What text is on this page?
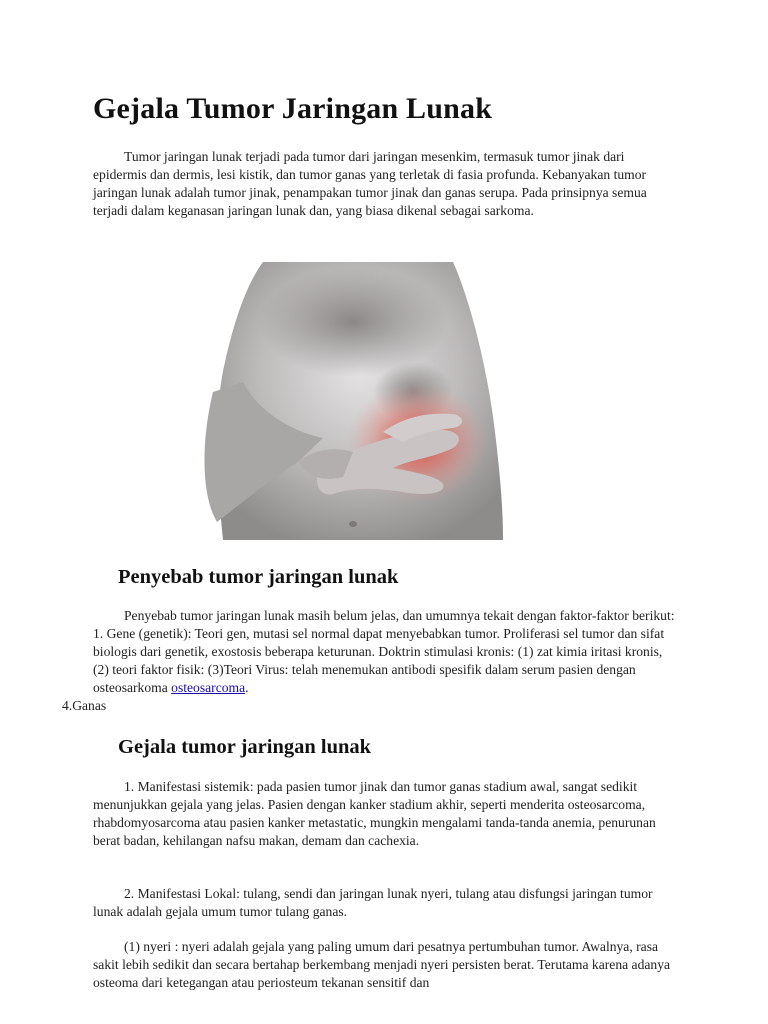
Gejala Tumor Jaringan Lunak

Tumor jaringan lunak terjadi pada tumor dari jaringan mesenkim, termasuk tumor jinak dari epidermis dan dermis, lesi kistik, dan tumor ganas yang terletak di fasia profunda. Kebanyakan tumor jaringan lunak adalah tumor jinak, penampakan tumor jinak dan ganas serupa. Pada prinsipnya semua terjadi dalam keganasan jaringan lunak dan, yang biasa dikenal sebagai sarkoma.

Penyebab tumor jaringan lunak

Penyebab tumor jaringan lunak masih belum jelas, dan umumnya tekait dengan faktor-faktor berikut: 1. Gene (genetik): Teori gen, mutasi sel normal dapat menyebabkan tumor. Proliferasi sel tumor dan sifat biologis dari genetik, exostosis beberapa keturunan. Doktrin stimulasi kronis: (1) zat kimia iritasi kronis, (2) teori faktor fisik: (3)Teori Virus: telah menemukan antibodi spesifik dalam serum pasien dengan osteosarkoma osteosarcoma.
4.Ganas

Gejala tumor jaringan lunak

1. Manifestasi sistemik: pada pasien tumor jinak dan tumor ganas stadium awal, sangat sedikit menunjukkan gejala yang jelas. Pasien dengan kanker stadium akhir, seperti menderita osteosarcoma, rhabdomyosarcoma atau pasien kanker metastatic, mungkin mengalami tanda-tanda anemia, penurunan berat badan, kehilangan nafsu makan, demam dan cachexia.

2. Manifestasi Lokal: tulang, sendi dan jaringan lunak nyeri, tulang atau disfungsi jaringan tumor lunak adalah gejala umum tumor tulang ganas.

(1) nyeri : nyeri adalah gejala yang paling umum dari pesatnya pertumbuhan tumor. Awalnya, rasa sakit lebih sedikit dan secara bertahap berkembang menjadi nyeri persisten berat. Terutama karena adanya osteoma dari ketegangan atau periosteum tekanan sensitif dan
